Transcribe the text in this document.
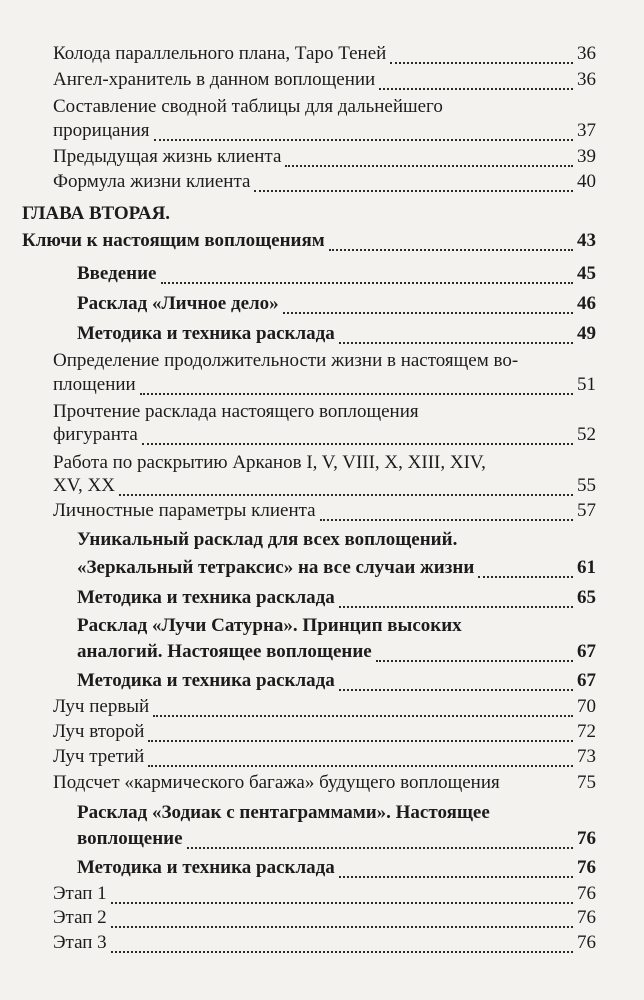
Колода параллельного плана, Таро Теней	36
Ангел-хранитель в данном воплощении	36
Составление сводной таблицы для дальнейшего
прорицания	37
Предыдущая жизнь клиента	39
Формула жизни клиента	40
ГЛАВА ВТОРАЯ.
Ключи к настоящим воплощениям	43
Введение	45
Расклад «Личное дело»	46
Методика и техника расклада	49
Определение продолжительности жизни в настоящем во-
площении	51
Прочтение расклада настоящего воплощения
фигуранта	52
Работа по раскрытию Арканов I, V, VIII, X, XIII, XIV,
XV, XX	55
Личностные параметры клиента	57
Уникальный расклад для всех воплощений.
«Зеркальный тетраксис» на все случаи жизни	61
Методика и техника расклада	65
Расклад «Лучи Сатурна». Принцип высоких
аналогий. Настоящее воплощение	67
Методика и техника расклада	67
Луч первый	70
Луч второй	72
Луч третий	73
Подсчет «кармического багажа» будущего воплощения	75
Расклад «Зодиак с пентаграммами». Настоящее
воплощение	76
Методика и техника расклада	76
Этап 1	76
Этап 2	76
Этап 3	76
